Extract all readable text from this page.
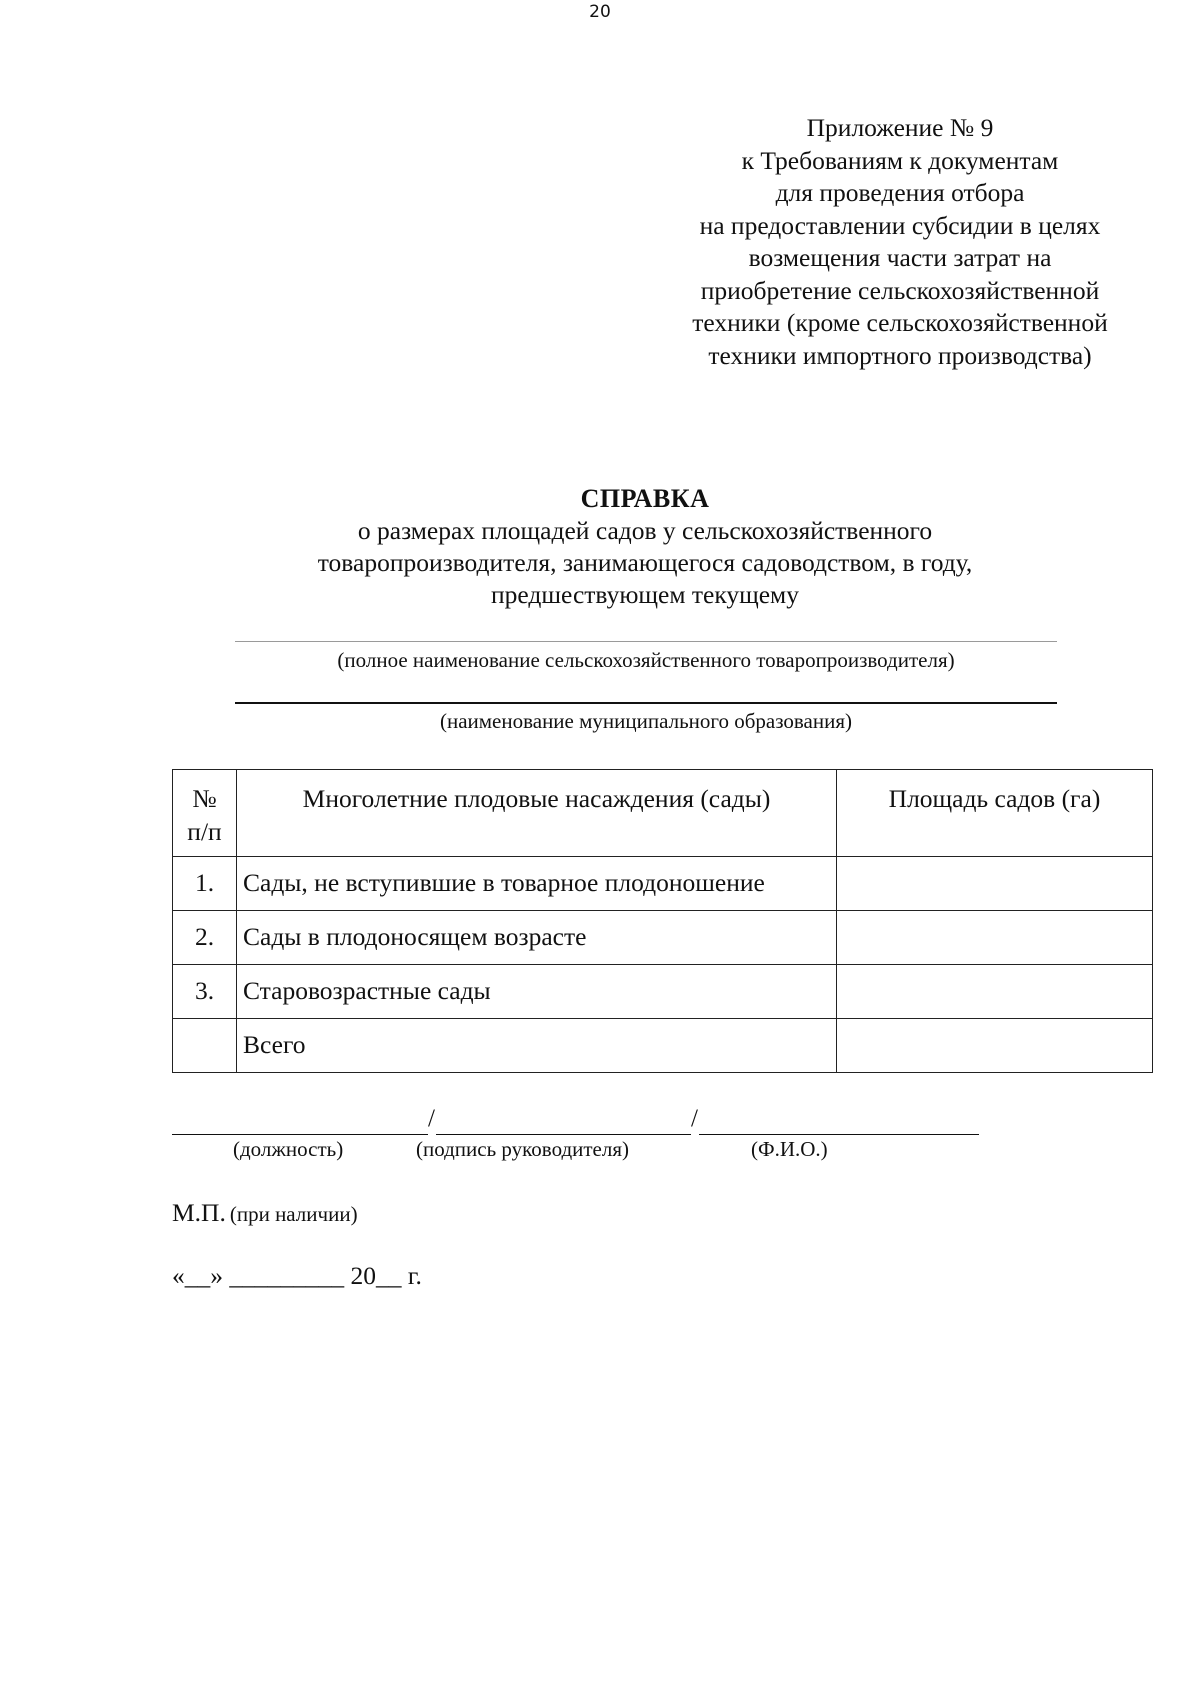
20
Приложение № 9
к Требованиям к документам
для проведения отбора
на предоставлении субсидии в целях
возмещения части затрат на
приобретение сельскохозяйственной
техники (кроме сельскохозяйственной
техники импортного производства)
СПРАВКА
о размерах площадей садов у сельскохозяйственного
товаропроизводителя, занимающегося садоводством, в году,
предшествующем текущему
(полное наименование сельскохозяйственного товаропроизводителя)
(наименование муниципального образования)
№
п/п	Многолетние плодовые насаждения (сады)	Площадь садов (га)
1.	Сады, не вступившие в товарное плодоношение	
2.	Сады в плодоносящем возрасте	
3.	Старовозрастные сады	
	Всего	
/	/
(должность)	(подпись руководителя)	(Ф.И.О.)
М.П. (при наличии)
«__» _________ 20__ г.
